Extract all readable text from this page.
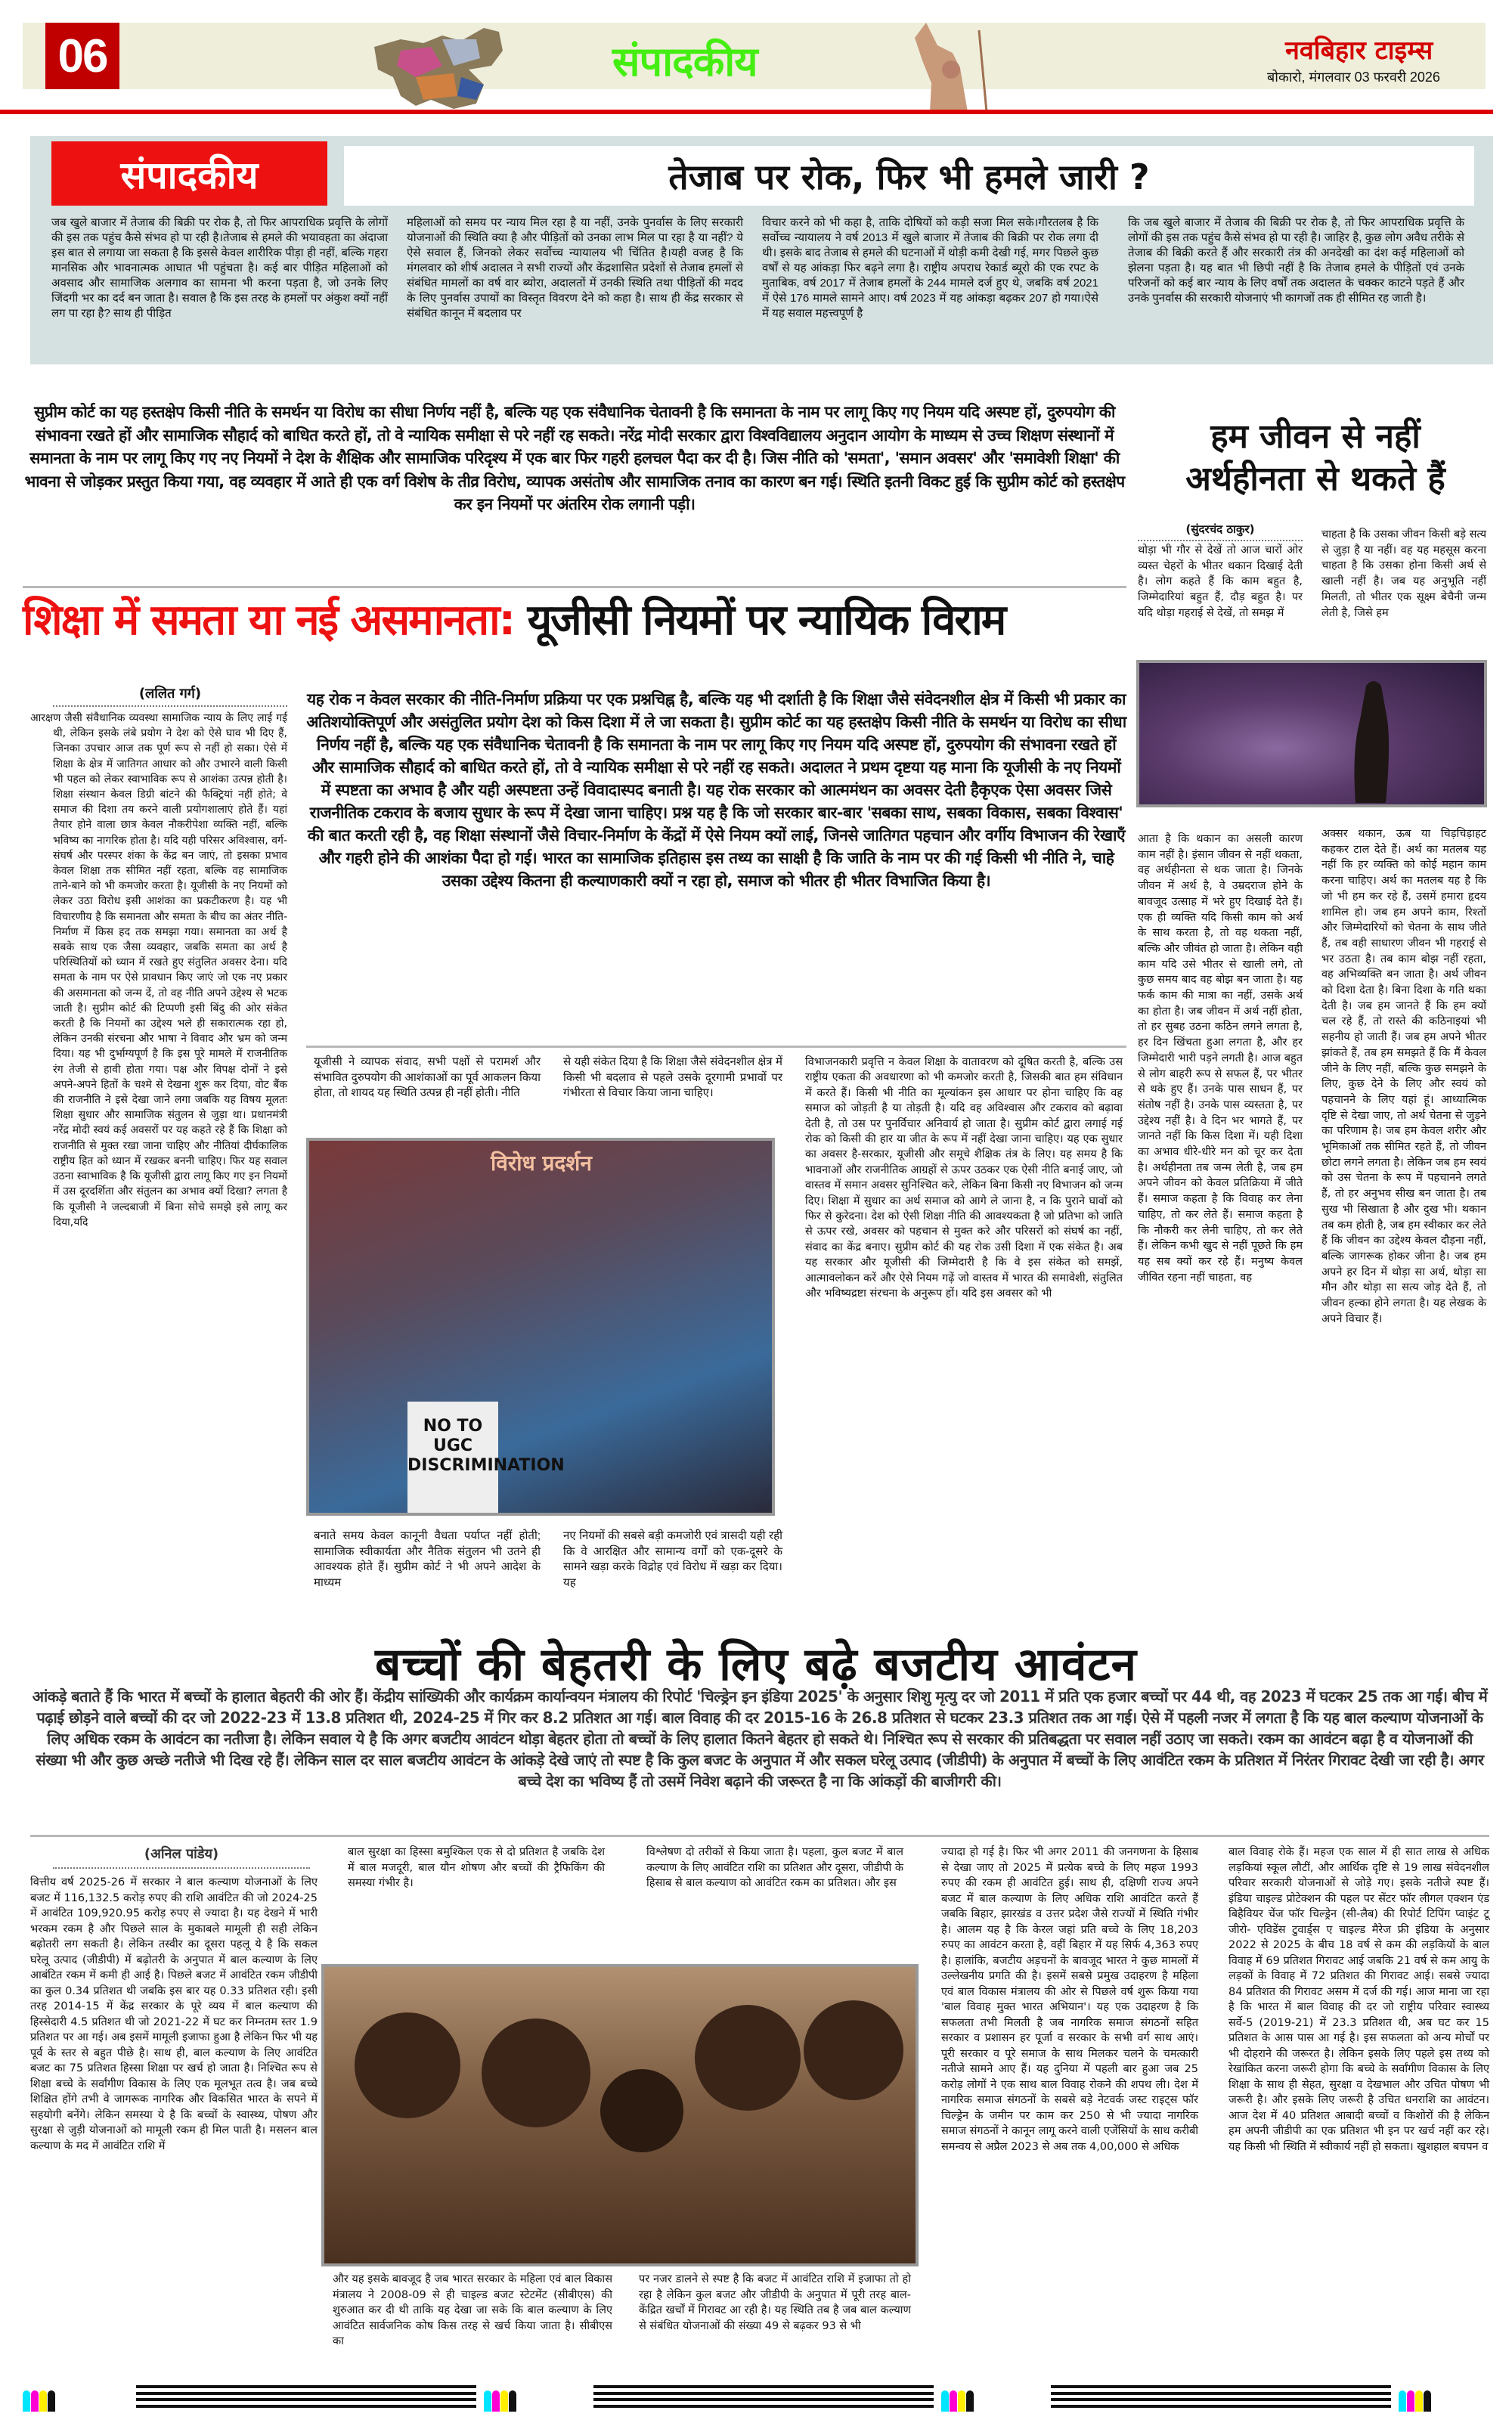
06	संपादकीय	नवबिहार टाइम्स
बोकारो, मंगलवार 03 फरवरी 2026
संपादकीय	तेजाब पर रोक, फिर भी हमले जारी ?
जब खुले बाजार में तेजाब की बिक्री पर रोक है, तो फिर आपराधिक प्रवृत्ति के लोगों की इस तक पहुंच कैसे संभव हो पा रही है।तेजाब से हमले की भयावहता का अंदाजा इस बात से लगाया जा सकता है कि इससे केवल शारीरिक पीड़ा ही नहीं, बल्कि गहरा मानसिक और भावनात्मक आघात भी पहुंचता है। कई बार पीड़ित महिलाओं को अवसाद और सामाजिक अलगाव का सामना भी करना पड़ता है, जो उनके लिए जिंदगी भर का दर्द बन जाता है। सवाल है कि इस तरह के हमलों पर अंकुश क्यों नहीं लग पा रहा है? साथ ही पीड़ित
महिलाओं को समय पर न्याय मिल रहा है या नहीं, उनके पुनर्वास के लिए सरकारी योजनाओं की स्थिति क्या है और पीड़ितों को उनका लाभ मिल पा रहा है या नहीं? ये ऐसे सवाल हैं, जिनको लेकर सर्वोच्च न्यायालय भी चिंतित है।यही वजह है कि मंगलवार को शीर्ष अदालत ने सभी राज्यों और केंद्रशासित प्रदेशों से तेजाब हमलों से संबंधित मामलों का वर्ष वार ब्योरा, अदालतों में उनकी स्थिति तथा पीड़ितों की मदद के लिए पुनर्वास उपायों का विस्तृत विवरण देने को कहा है। साथ ही केंद्र सरकार से संबंधित कानून में बदलाव पर
विचार करने को भी कहा है, ताकि दोषियों को कड़ी सजा मिल सके।गौरतलब है कि सर्वोच्च न्यायालय ने वर्ष 2013 में खुले बाजार में तेजाब की बिक्री पर रोक लगा दी थी। इसके बाद तेजाब से हमले की घटनाओं में थोड़ी कमी देखी गई, मगर पिछले कुछ वर्षों से यह आंकड़ा फिर बढ़ने लगा है। राष्ट्रीय अपराध रेकार्ड ब्यूरो की एक रपट के मुताबिक, वर्ष 2017 में तेजाब हमलों के 244 मामले दर्ज हुए थे, जबकि वर्ष 2021 में ऐसे 176 मामले सामने आए। वर्ष 2023 में यह आंकड़ा बढ़कर 207 हो गया।ऐसे में यह सवाल महत्त्वपूर्ण है
कि जब खुले बाजार में तेजाब की बिक्री पर रोक है, तो फिर आपराधिक प्रवृत्ति के लोगों की इस तक पहुंच कैसे संभव हो पा रही है। जाहिर है, कुछ लोग अवैध तरीके से तेजाब की बिक्री करते हैं और सरकारी तंत्र की अनदेखी का दंश कई महिलाओं को झेलना पड़ता है। यह बात भी छिपी नहीं है कि तेजाब हमले के पीड़ितों एवं उनके परिजनों को कई बार न्याय के लिए वर्षों तक अदालत के चक्कर काटने पड़ते हैं और उनके पुनर्वास की सरकारी योजनाएं भी कागजों तक ही सीमित रह जाती है।
सुप्रीम कोर्ट का यह हस्तक्षेप किसी नीति के समर्थन या विरोध का सीधा निर्णय नहीं है, बल्कि यह एक संवैधानिक चेतावनी है कि समानता के नाम पर लागू किए गए नियम यदि अस्पष्ट हों, दुरुपयोग की संभावना रखते हों और सामाजिक सौहार्द को बाधित करते हों, तो वे न्यायिक समीक्षा से परे नहीं रह सकते। नरेंद्र मोदी सरकार द्वारा विश्वविद्यालय अनुदान आयोग के माध्यम से उच्च शिक्षण संस्थानों में समानता के नाम पर लागू किए गए नए नियमों ने देश के शैक्षिक और सामाजिक परिदृश्य में एक बार फिर गहरी हलचल पैदा कर दी है। जिस नीति को 'समता', 'समान अवसर' और 'समावेशी शिक्षा' की भावना से जोड़कर प्रस्तुत किया गया, वह व्यवहार में आते ही एक वर्ग विशेष के तीव्र विरोध, व्यापक असंतोष और सामाजिक तनाव का कारण बन गई। स्थिति इतनी विकट हुई कि सुप्रीम कोर्ट को हस्तक्षेप कर इन नियमों पर अंतरिम रोक लगानी पड़ी।
शिक्षा में समता या नई असमानता: यूजीसी नियमों पर न्यायिक विराम
(ललित गर्ग)	यह रोक न केवल सरकार की नीति-निर्माण प्रक्रिया पर एक प्रश्नचिह्न है, बल्कि यह भी दर्शाती है कि शिक्षा जैसे संवेदनशील क्षेत्र में किसी भी प्रकार का अतिशयोक्तिपूर्ण और असंतुलित प्रयोग देश को किस दिशा में ले जा सकता है। सुप्रीम कोर्ट का यह हस्तक्षेप किसी नीति के समर्थन या विरोध का सीधा निर्णय नहीं है, बल्कि यह एक संवैधानिक चेतावनी है कि समानता के नाम पर लागू किए गए नियम यदि अस्पष्ट हों, दुरुपयोग की संभावना रखते हों और सामाजिक सौहार्द को बाधित करते हों, तो वे न्यायिक समीक्षा से परे नहीं रह सकते। अदालत ने प्रथम दृष्टया यह माना कि यूजीसी के नए नियमों में स्पष्टता का अभाव है और यही अस्पष्टता उन्हें विवादास्पद बनाती है। यह रोक सरकार को आत्ममंथन का अवसर देती हैकृएक ऐसा अवसर जिसे राजनीतिक टकराव के बजाय सुधार के रूप में देखा जाना चाहिए। प्रश्न यह है कि जो सरकार बार-बार 'सबका साथ, सबका विकास, सबका विश्वास' की बात करती रही है, वह शिक्षा संस्थानों जैसे विचार-निर्माण के केंद्रों में ऐसे नियम क्यों लाई, जिनसे जातिगत पहचान और वर्गीय विभाजन की रेखाएँ और गहरी होने की आशंका पैदा हो गई। भारत का सामाजिक इतिहास इस तथ्य का साक्षी है कि जाति के नाम पर की गई किसी भी नीति ने, चाहे उसका उद्देश्य कितना ही कल्याणकारी क्यों न रहा हो, समाज को भीतर ही भीतर विभाजित किया है।
आरक्षण जैसी संवैधानिक व्यवस्था सामाजिक न्याय के लिए लाई गई थी, लेकिन इसके लंबे प्रयोग ने देश को ऐसे घाव भी दिए हैं, जिनका उपचार आज तक पूर्ण रूप से नहीं हो सका। ऐसे में शिक्षा के क्षेत्र में जातिगत आधार को और उभारने वाली किसी भी पहल को लेकर स्वाभाविक रूप से आशंका उत्पन्न होती है। शिक्षा संस्थान केवल डिग्री बांटने की फैक्ट्रियां नहीं होते; वे समाज की दिशा तय करने वाली प्रयोगशालाएं होते हैं। यहां तैयार होने वाला छात्र केवल नौकरीपेशा व्यक्ति नहीं, बल्कि भविष्य का नागरिक होता है। यदि यही परिसर अविश्वास, वर्ग-संघर्ष और परस्पर शंका के केंद्र बन जाएं, तो इसका प्रभाव केवल शिक्षा तक सीमित नहीं रहता, बल्कि वह सामाजिक ताने-बाने को भी कमजोर करता है। यूजीसी के नए नियमों को लेकर उठा विरोध इसी आशंका का प्रकटीकरण है। यह भी विचारणीय है कि समानता और समता के बीच का अंतर नीति-निर्माण में किस हद तक समझा गया। समानता का अर्थ है सबके साथ एक जैसा व्यवहार, जबकि समता का अर्थ है परिस्थितियों को ध्यान में रखते हुए संतुलित अवसर देना। यदि समता के नाम पर ऐसे प्रावधान किए जाएं जो एक नए प्रकार की असमानता को जन्म दें, तो वह नीति अपने उद्देश्य से भटक जाती है। सुप्रीम कोर्ट की टिप्पणी इसी बिंदु की ओर संकेत करती है कि नियमों का उद्देश्य भले ही सकारात्मक रहा हो, लेकिन उनकी संरचना और भाषा ने विवाद और भ्रम को जन्म दिया। यह भी दुर्भाग्यपूर्ण है कि इस पूरे मामले में राजनीतिक रंग तेजी से हावी होता गया। पक्ष और विपक्ष दोनों ने इसे अपने-अपने हितों के चश्मे से देखना शुरू कर दिया, वोट बैंक की राजनीति ने इसे देखा जाने लगा जबकि यह विषय मूलतः शिक्षा सुधार और सामाजिक संतुलन से जुड़ा था। प्रधानमंत्री नरेंद्र मोदी स्वयं कई अवसरों पर यह कहते रहे हैं कि शिक्षा को राजनीति से मुक्त रखा जाना चाहिए और नीतियां दीर्घकालिक राष्ट्रीय हित को ध्यान में रखकर बननी चाहिए। फिर यह सवाल उठना स्वाभाविक है कि यूजीसी द्वारा लागू किए गए इन नियमों में उस दूरदर्शिता और संतुलन का अभाव क्यों दिखा? लगता है कि यूजीसी ने जल्दबाजी में बिना सोचे समझे इसे लागू कर दिया,यदि
यूजीसी ने व्यापक संवाद, सभी पक्षों से परामर्श और संभावित दुरुपयोग की आशंकाओं का पूर्व आकलन किया होता, तो शायद यह स्थिति उत्पन्न ही नहीं होती। नीति
से यही संकेत दिया है कि शिक्षा जैसे संवेदनशील क्षेत्र में किसी भी बदलाव से पहले उसके दूरगामी प्रभावों पर गंभीरता से विचार किया जाना चाहिए।
विरोध प्रदर्शन
NO TO UGC DISCRIMINATION
बनाते समय केवल कानूनी वैधता पर्याप्त नहीं होती; सामाजिक स्वीकार्यता और नैतिक संतुलन भी उतने ही आवश्यक होते हैं। सुप्रीम कोर्ट ने भी अपने आदेश के माध्यम
नए नियमों की सबसे बड़ी कमजोरी एवं त्रासदी यही रही कि वे आरक्षित और सामान्य वर्गों को एक-दूसरे के सामने खड़ा करके विद्रोह एवं विरोध में खड़ा कर दिया। यह
विभाजनकारी प्रवृत्ति न केवल शिक्षा के वातावरण को दूषित करती है, बल्कि उस राष्ट्रीय एकता की अवधारणा को भी कमजोर करती है, जिसकी बात हम संविधान में करते हैं। किसी भी नीति का मूल्यांकन इस आधार पर होना चाहिए कि वह समाज को जोड़ती है या तोड़ती है। यदि वह अविश्वास और टकराव को बढ़ावा देती है, तो उस पर पुनर्विचार अनिवार्य हो जाता है। सुप्रीम कोर्ट द्वारा लगाई गई रोक को किसी की हार या जीत के रूप में नहीं देखा जाना चाहिए। यह एक सुधार का अवसर है-सरकार, यूजीसी और समूचे शैक्षिक तंत्र के लिए। यह समय है कि भावनाओं और राजनीतिक आग्रहों से ऊपर उठकर एक ऐसी नीति बनाई जाए, जो वास्तव में समान अवसर सुनिश्चित करे, लेकिन बिना किसी नए विभाजन को जन्म दिए। शिक्षा में सुधार का अर्थ समाज को आगे ले जाना है, न कि पुराने घावों को फिर से कुरेदना। देश को ऐसी शिक्षा नीति की आवश्यकता है जो प्रतिभा को जाति से ऊपर रखे, अवसर को पहचान से मुक्त करे और परिसरों को संघर्ष का नहीं, संवाद का केंद्र बनाए। सुप्रीम कोर्ट की यह रोक उसी दिशा में एक संकेत है। अब यह सरकार और यूजीसी की जिम्मेदारी है कि वे इस संकेत को समझें, आत्मावलोकन करें और ऐसे नियम गढ़ें जो वास्तव में भारत की समावेशी, संतुलित और भविष्यद्रष्टा संरचना के अनुरूप हों। यदि इस अवसर को भी
हम जीवन से नहीं
अर्थहीनता से थकते हैं
(सुंदरचंद ठाकुर)
थोड़ा भी गौर से देखें तो आज चारों ओर व्यस्त चेहरों के भीतर थकान दिखाई देती है। लोग कहते हैं कि काम बहुत है, जिम्मेदारियां बहुत हैं, दौड़ बहुत है। पर यदि थोड़ा गहराई से देखें, तो समझ में
चाहता है कि उसका जीवन किसी बड़े सत्य से जुड़ा है या नहीं। वह यह महसूस करना चाहता है कि उसका होना किसी अर्थ से खाली नहीं है। जब यह अनुभूति नहीं मिलती, तो भीतर एक सूक्ष्म बेचैनी जन्म लेती है, जिसे हम
आता है कि थकान का असली कारण काम नहीं है। इंसान जीवन से नहीं थकता, वह अर्थहीनता से थक जाता है। जिनके जीवन में अर्थ है, वे उम्रदराज होने के बावजूद उत्साह में भरे हुए दिखाई देते हैं। एक ही व्यक्ति यदि किसी काम को अर्थ के साथ करता है, तो वह थकता नहीं, बल्कि और जीवंत हो जाता है। लेकिन वही काम यदि उसे भीतर से खाली लगे, तो कुछ समय बाद वह बोझ बन जाता है। यह फर्क काम की मात्रा का नहीं, उसके अर्थ का होता है। जब जीवन में अर्थ नहीं होता, तो हर सुबह उठना कठिन लगने लगता है, हर दिन खिंचता हुआ लगता है, और हर जिम्मेदारी भारी पड़ने लगती है। आज बहुत से लोग बाहरी रूप से सफल हैं, पर भीतर से थके हुए हैं। उनके पास साधन हैं, पर संतोष नहीं है। उनके पास व्यस्तता है, पर उद्देश्य नहीं है। वे दिन भर भागते हैं, पर जानते नहीं कि किस दिशा में। यही दिशा का अभाव धीरे-धीरे मन को चूर कर देता है। अर्थहीनता तब जन्म लेती है, जब हम अपने जीवन को केवल प्रतिक्रिया में जीते हैं। समाज कहता है कि विवाह कर लेना चाहिए, तो कर लेते हैं। समाज कहता है कि नौकरी कर लेनी चाहिए, तो कर लेते हैं। लेकिन कभी खुद से नहीं पूछते कि हम यह सब क्यों कर रहे हैं। मनुष्य केवल जीवित रहना नहीं चाहता, वह
अक्सर थकान, ऊब या चिड़चिड़ाहट कहकर टाल देते हैं। अर्थ का मतलब यह नहीं कि हर व्यक्ति को कोई महान काम करना चाहिए। अर्थ का मतलब यह है कि जो भी हम कर रहे हैं, उसमें हमारा हृदय शामिल हो। जब हम अपने काम, रिश्तों और जिम्मेदारियों को चेतना के साथ जीते हैं, तब वही साधारण जीवन भी गहराई से भर उठता है। तब काम बोझ नहीं रहता, वह अभिव्यक्ति बन जाता है। अर्थ जीवन को दिशा देता है। बिना दिशा के गति थका देती है। जब हम जानते हैं कि हम क्यों चल रहे हैं, तो रास्ते की कठिनाइयां भी सहनीय हो जाती हैं। जब हम अपने भीतर झांकते हैं, तब हम समझते हैं कि मैं केवल जीने के लिए नहीं, बल्कि कुछ समझने के लिए, कुछ देने के लिए और स्वयं को पहचानने के लिए यहां हूं। आध्यात्मिक दृष्टि से देखा जाए, तो अर्थ चेतना से जुड़ने का परिणाम है। जब हम केवल शरीर और भूमिकाओं तक सीमित रहते हैं, तो जीवन छोटा लगने लगता है। लेकिन जब हम स्वयं को उस चेतना के रूप में पहचानने लगते हैं, तो हर अनुभव सीख बन जाता है। तब सुख भी सिखाता है और दुख भी। थकान तब कम होती है, जब हम स्वीकार कर लेते हैं कि जीवन का उद्देश्य केवल दौड़ना नहीं, बल्कि जागरूक होकर जीना है। जब हम अपने हर दिन में थोड़ा सा अर्थ, थोड़ा सा मौन और थोड़ा सा सत्य जोड़ देते हैं, तो जीवन हल्का होने लगता है। यह लेखक के अपने विचार हैं।
बच्चों की बेहतरी के लिए बढ़े बजटीय आवंटन
आंकड़े बताते हैं कि भारत में बच्चों के हालात बेहतरी की ओर हैं। केंद्रीय सांख्यिकी और कार्यक्रम कार्यान्वयन मंत्रालय की रिपोर्ट 'चिल्ड्रेन इन इंडिया 2025' के अनुसार शिशु मृत्यु दर जो 2011 में प्रति एक हजार बच्चों पर 44 थी, वह 2023 में घटकर 25 तक आ गई। बीच में पढ़ाई छोड़ने वाले बच्चों की दर जो 2022-23 में 13.8 प्रतिशत थी, 2024-25 में गिर कर 8.2 प्रतिशत आ गई। बाल विवाह की दर 2015-16 के 26.8 प्रतिशत से घटकर 23.3 प्रतिशत तक आ गई। ऐसे में पहली नजर में लगता है कि यह बाल कल्याण योजनाओं के लिए अधिक रकम के आवंटन का नतीजा है। लेकिन सवाल ये है कि अगर बजटीय आवंटन थोड़ा बेहतर होता तो बच्चों के लिए हालात कितने बेहतर हो सकते थे। निश्चित रूप से सरकार की प्रतिबद्धता पर सवाल नहीं उठाए जा सकते। रकम का आवंटन बढ़ा है व योजनाओं की संख्या भी और कुछ अच्छे नतीजे भी दिख रहे हैं। लेकिन साल दर साल बजटीय आवंटन के आंकड़े देखे जाएं तो स्पष्ट है कि कुल बजट के अनुपात में और सकल घरेलू उत्पाद (जीडीपी) के अनुपात में बच्चों के लिए आवंटित रकम के प्रतिशत में निरंतर गिरावट देखी जा रही है। अगर बच्चे देश का भविष्य हैं तो उसमें निवेश बढ़ाने की जरूरत है ना कि आंकड़ों की बाजीगरी की।
(अनिल पांडेय)
वित्तीय वर्ष 2025-26 में सरकार ने बाल कल्याण योजनाओं के लिए बजट में 116,132.5 करोड़ रुपए की राशि आवंटित की जो 2024-25 में आवंटित 109,920.95 करोड़ रुपए से ज्यादा है। यह देखने में भारी भरकम रकम है और पिछले साल के मुकाबले मामूली ही सही लेकिन बढ़ोतरी लग सकती है। लेकिन तस्वीर का दूसरा पहलू ये है कि सकल घरेलू उत्पाद (जीडीपी) में बढ़ोतरी के अनुपात में बाल कल्याण के लिए आबंटित रकम में कमी ही आई है। पिछले बजट में आवंटित रकम जीडीपी का कुल 0.34 प्रतिशत थी जबकि इस बार यह 0.33 प्रतिशत रही। इसी तरह 2014-15 में केंद्र सरकार के पूरे व्यय में बाल कल्याण की हिस्सेदारी 4.5 प्रतिशत थी जो 2021-22 में घट कर निम्नतम स्तर 1.9 प्रतिशत पर आ गई। अब इसमें मामूली इजाफा हुआ है लेकिन फिर भी यह पूर्व के स्तर से बहुत पीछे है। साथ ही, बाल कल्याण के लिए आवंटित बजट का 75 प्रतिशत हिस्सा शिक्षा पर खर्च हो जाता है। निश्चित रूप से शिक्षा बच्चे के सर्वांगीण विकास के लिए एक मूलभूत तत्व है। जब बच्चे शिक्षित होंगे तभी वे जागरूक नागरिक और विकसित भारत के सपने में सहयोगी बनेंगे। लेकिन समस्या ये है कि बच्चों के स्वास्थ्य, पोषण और सुरक्षा से जुड़ी योजनाओं को मामूली रकम ही मिल पाती है। मसलन बाल कल्याण के मद में आवंटित राशि में
बाल सुरक्षा का हिस्सा बमुश्किल एक से दो प्रतिशत है जबकि देश में बाल मजदूरी, बाल यौन शोषण और बच्चों की ट्रैफिकिंग की समस्या गंभीर है।
विश्लेषण दो तरीकों से किया जाता है। पहला, कुल बजट में बाल कल्याण के लिए आवंटित राशि का प्रतिशत और दूसरा, जीडीपी के हिसाब से बाल कल्याण को आवंटित रकम का प्रतिशत। और इस
और यह इसके बावजूद है जब भारत सरकार के महिला एवं बाल विकास मंत्रालय ने 2008-09 से ही चाइल्ड बजट स्टेटमेंट (सीबीएस) की शुरुआत कर दी थी ताकि यह देखा जा सके कि बाल कल्याण के लिए आवंटित सार्वजनिक कोष किस तरह से खर्च किया जाता है। सीबीएस का
पर नजर डालने से स्पष्ट है कि बजट में आवंटित राशि में इजाफा तो हो रहा है लेकिन कुल बजट और जीडीपी के अनुपात में पूरी तरह बाल-केंद्रित खर्चों में गिरावट आ रही है। यह स्थिति तब है जब बाल कल्याण से संबंधित योजनाओं की संख्या 49 से बढ़कर 93 से भी
ज्यादा हो गई है। फिर भी अगर 2011 की जनगणना के हिसाब से देखा जाए तो 2025 में प्रत्येक बच्चे के लिए महज 1993 रुपए की रकम ही आवंटित हुई। साथ ही, दक्षिणी राज्य अपने बजट में बाल कल्याण के लिए अधिक राशि आवंटित करते हैं जबकि बिहार, झारखंड व उत्तर प्रदेश जैसे राज्यों में स्थिति गंभीर है। आलम यह है कि केरल जहां प्रति बच्चे के लिए 18,203 रुपए का आवंटन करता है, वहीं बिहार में यह सिर्फ 4,363 रुपए है। हालांकि, बजटीय अड़चनों के बावजूद भारत ने कुछ मामलों में उल्लेखनीय प्रगति की है। इसमें सबसे प्रमुख उदाहरण है महिला एवं बाल विकास मंत्रालय की ओर से पिछले वर्ष शुरू किया गया 'बाल विवाह मुक्त भारत अभियान'। यह एक उदाहरण है कि सफलता तभी मिलती है जब नागरिक समाज संगठनों सहित सरकार व प्रशासन हर पूर्जा व सरकार के सभी वर्ग साथ आएं। पूरी सरकार व पूरे समाज के साथ मिलकर चलने के चमत्कारी नतीजे सामने आए हैं। यह दुनिया में पहली बार हुआ जब 25 करोड़ लोगों ने एक साथ बाल विवाह रोकने की शपथ ली। देश में नागरिक समाज संगठनों के सबसे बड़े नेटवर्क जस्ट राइट्स फॉर चिल्ड्रेन के जमीन पर काम कर 250 से भी ज्यादा नागरिक समाज संगठनों ने कानून लागू करने वाली एजेंसियों के साथ करीबी समन्वय से अप्रैल 2023 से अब तक 4,00,000 से अधिक
बाल विवाह रोके हैं। महज एक साल में ही सात लाख से अधिक लड़कियां स्कूल लौटीं, और आर्थिक दृष्टि से 19 लाख संवेदनशील परिवार सरकारी योजनाओं से जोड़े गए। इसके नतीजे स्पष्ट हैं। इंडिया चाइल्ड प्रोटेक्शन की पहल पर सेंटर फॉर लीगल एक्शन एंड बिहैवियर चेंज फॉर चिल्ड्रेन (सी-लैब) की रिपोर्ट टिपिंग प्वाइंट टू जीरो- एविडेंस टुवार्ड्स ए चाइल्ड मैरेज फ्री इंडिया के अनुसार 2022 से 2025 के बीच 18 वर्ष से कम की लड़कियों के बाल विवाह में 69 प्रतिशत गिरावट आई जबकि 21 वर्ष से कम आयु के लड़कों के विवाह में 72 प्रतिशत की गिरावट आई। सबसे ज्यादा 84 प्रतिशत की गिरावट असम में दर्ज की गई। आज माना जा रहा है कि भारत में बाल विवाह की दर जो राष्ट्रीय परिवार स्वास्थ्य सर्वे-5 (2019-21) में 23.3 प्रतिशत थी, अब घट कर 15 प्रतिशत के आस पास आ गई है। इस सफलता को अन्य मोर्चों पर भी दोहराने की जरूरत है। लेकिन इसके लिए पहले इस तथ्य को रेखांकित करना जरूरी होगा कि बच्चे के सर्वांगीण विकास के लिए शिक्षा के साथ ही सेहत, सुरक्षा व देखभाल और उचित पोषण भी जरूरी है। और इसके लिए जरूरी है उचित धनराशि का आवंटन। आज देश में 40 प्रतिशत आबादी बच्चों व किशोरों की है लेकिन हम अपनी जीडीपी का एक प्रतिशत भी इन पर खर्च नहीं कर रहे। यह किसी भी स्थिति में स्वीकार्य नहीं हो सकता। खुशहाल बचपन व
